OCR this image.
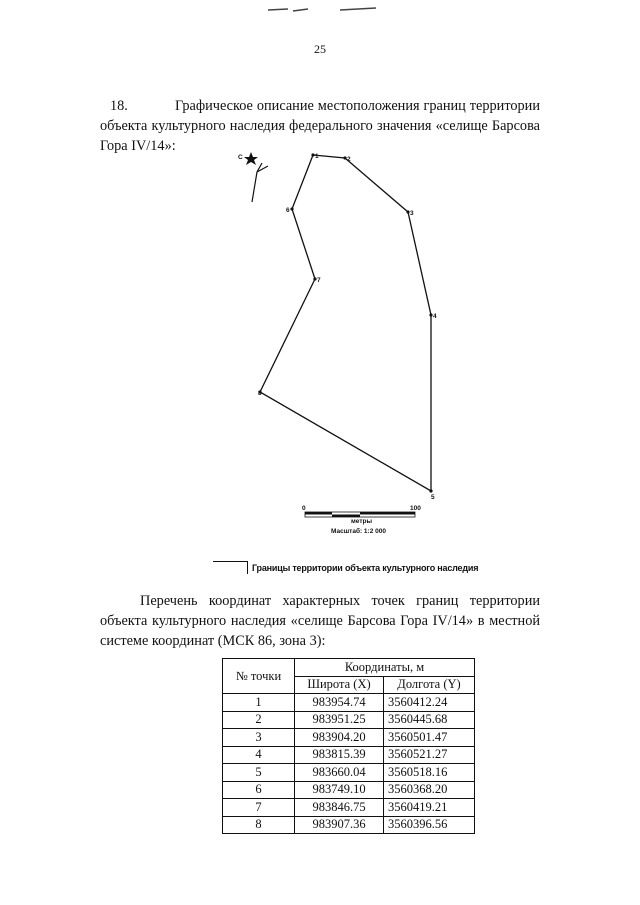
25
18.	Графическое описание местоположения границ территории объекта культурного наследия федерального значения «селище Барсова Гора IV/14»:
С	1	2
3
4
5
6
7
8
0	100
метры
Масштаб: 1:2 000
Границы территории объекта культурного наследия
Перечень координат характерных точек границ территории объекта культурного наследия «селище Барсова Гора IV/14» в местной системе координат (МСК 86, зона 3):
№ точки	Координаты, м	
	Широта (X)	Долгота (Y)
1	983954.74	3560412.24
2	983951.25	3560445.68
3	983904.20	3560501.47
4	983815.39	3560521.27
5	983660.04	3560518.16
6	983749.10	3560368.20
7	983846.75	3560419.21
8	983907.36	3560396.56
